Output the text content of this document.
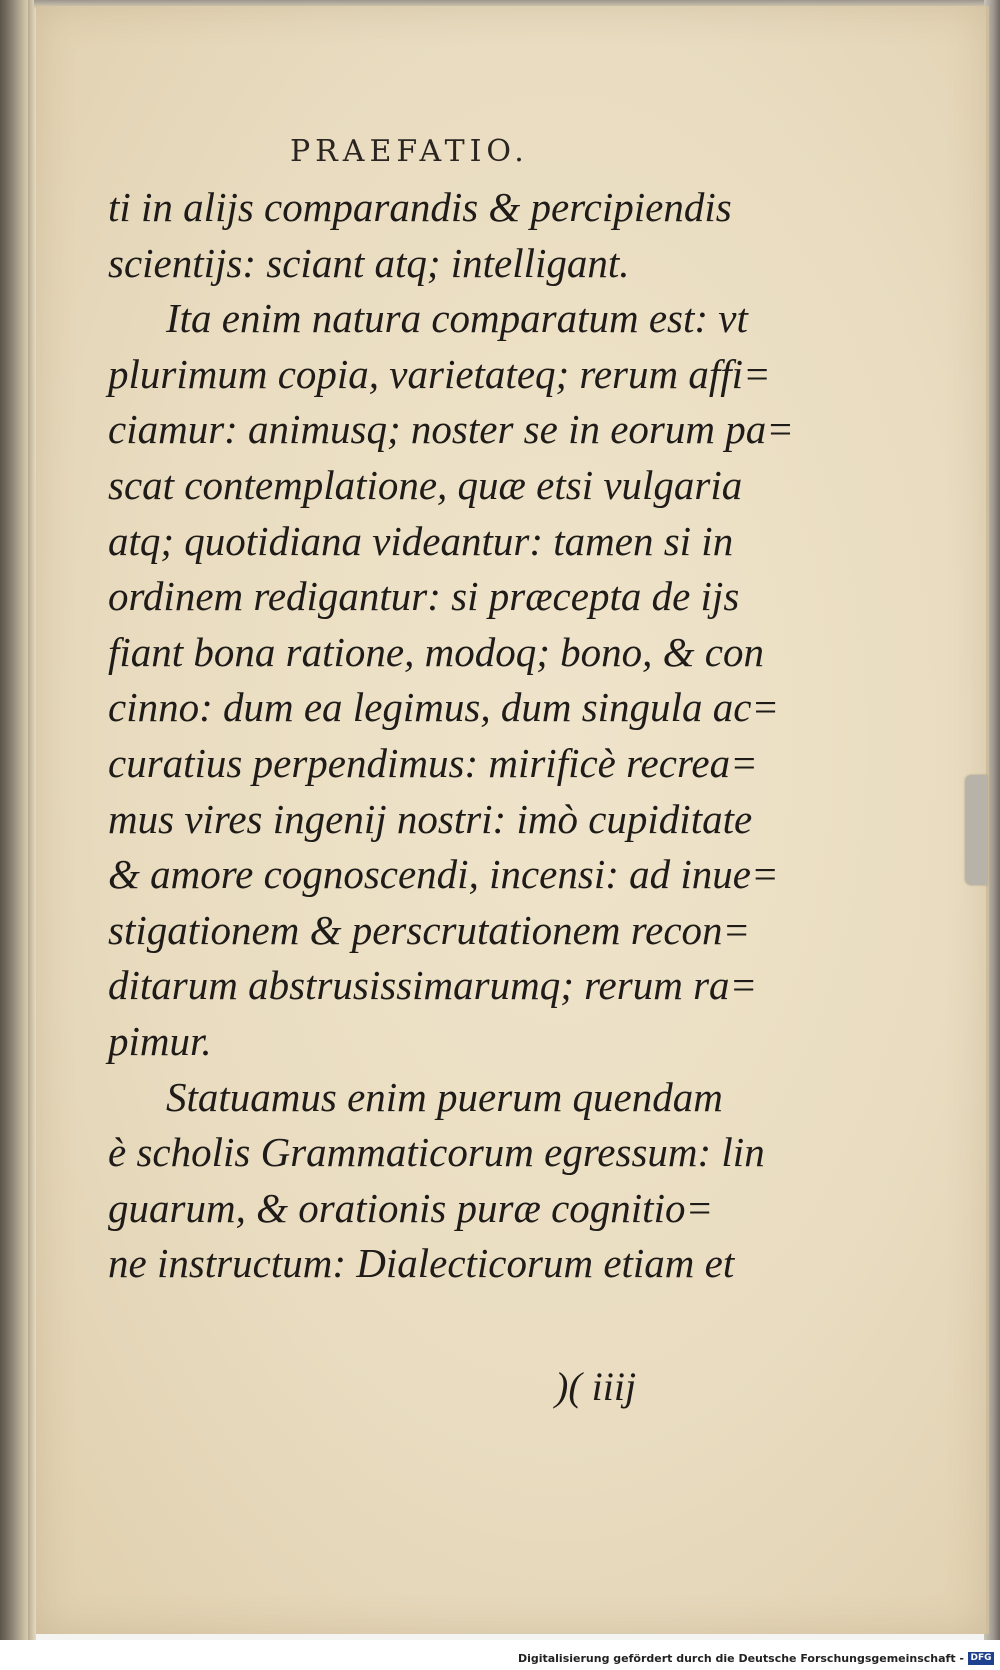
PRAEFATIO.
ti in alijs comparandis & percipiendis
scientijs: sciant atq; intelligant.
Ita enim natura comparatum est: vt
plurimum copia, varietateq; rerum affi=
ciamur: animusq; noster se in eorum pa=
scat contemplatione, quæ etsi vulgaria
atq; quotidiana videantur: tamen si in
ordinem redigantur: si præcepta de ijs
fiant bona ratione, modoq; bono, & con
cinno: dum ea legimus, dum singula ac=
curatius perpendimus: mirificè recrea=
mus vires ingenij nostri: imò cupiditate
& amore cognoscendi, incensi: ad inue=
stigationem & perscrutationem recon=
ditarum abstrusissimarumq; rerum ra=
pimur.
Statuamus enim puerum quendam
è scholis Grammaticorum egressum: lin
guarum, & orationis puræ cognitio=
ne instructum: Dialecticorum etiam et
)( iiij
Digitalisierung gefördert durch die Deutsche Forschungsgemeinschaft - DFG
